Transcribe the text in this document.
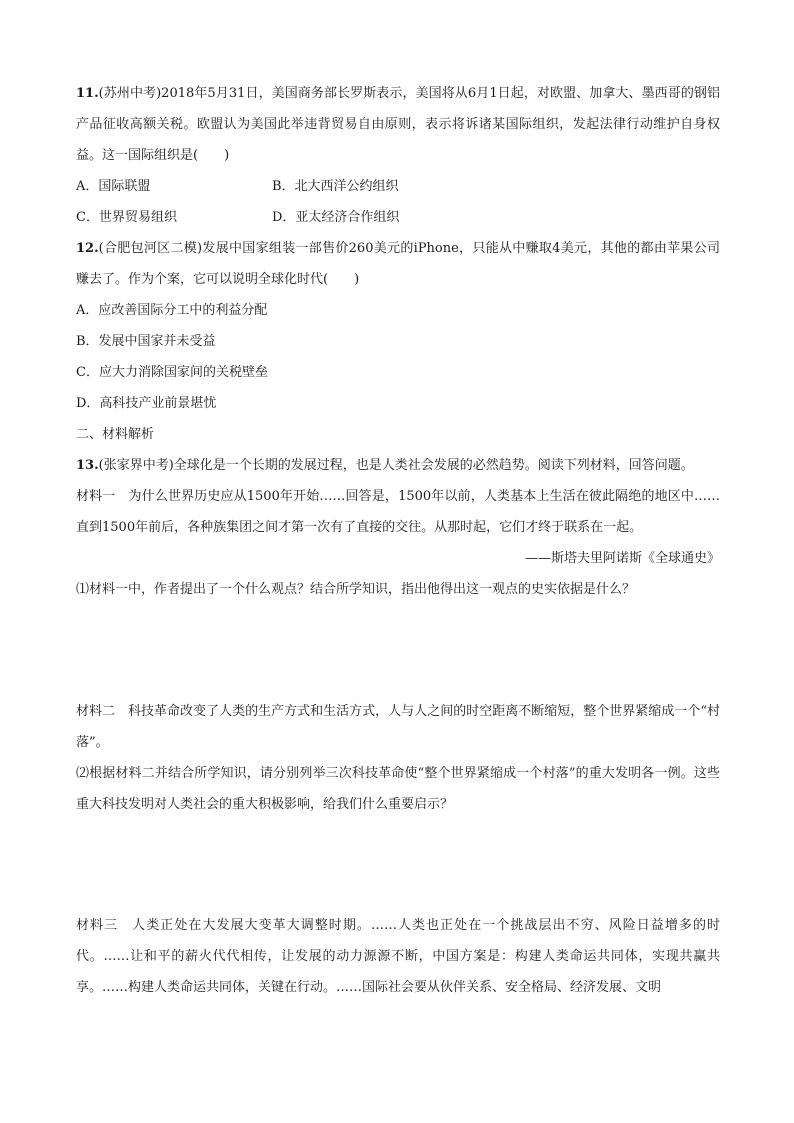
11.(苏州中考)2018年5月31日，美国商务部长罗斯表示，美国将从6月1日起，对欧盟、加拿大、墨西哥的钢铝产品征收高额关税。欧盟认为美国此举违背贸易自由原则，表示将诉诸某国际组织，发起法律行动维护自身权益。这一国际组织是(　　)

A．国际联盟	B．北大西洋公约组织
C．世界贸易组织	D．亚太经济合作组织

12.(合肥包河区二模)发展中国家组装一部售价260美元的iPhone，只能从中赚取4美元，其他的都由苹果公司赚去了。作为个案，它可以说明全球化时代(　　)

A．应改善国际分工中的利益分配
B．发展中国家并未受益
C．应大力消除国家间的关税壁垒
D．高科技产业前景堪忧
二、材料解析

13.(张家界中考)全球化是一个长期的发展过程，也是人类社会发展的必然趋势。阅读下列材料，回答问题。

材料一　为什么世界历史应从1500年开始……回答是，1500年以前，人类基本上生活在彼此隔绝的地区中……直到1500年前后，各种族集团之间才第一次有了直接的交往。从那时起，它们才终于联系在一起。

——斯塔夫里阿诺斯《全球通史》

⑴材料一中，作者提出了一个什么观点？结合所学知识，指出他得出这一观点的史实依据是什么？

材料二　科技革命改变了人类的生产方式和生活方式，人与人之间的时空距离不断缩短，整个世界紧缩成一个“村落”。

⑵根据材料二并结合所学知识，请分别列举三次科技革命使“整个世界紧缩成一个村落”的重大发明各一例。这些重大科技发明对人类社会的重大积极影响，给我们什么重要启示？

材料三　人类正处在大发展大变革大调整时期。……人类也正处在一个挑战层出不穷、风险日益增多的时代。……让和平的薪火代代相传，让发展的动力源源不断，中国方案是：构建人类命运共同体，实现共赢共享。……构建人类命运共同体，关键在行动。……国际社会要从伙伴关系、安全格局、经济发展、文明
